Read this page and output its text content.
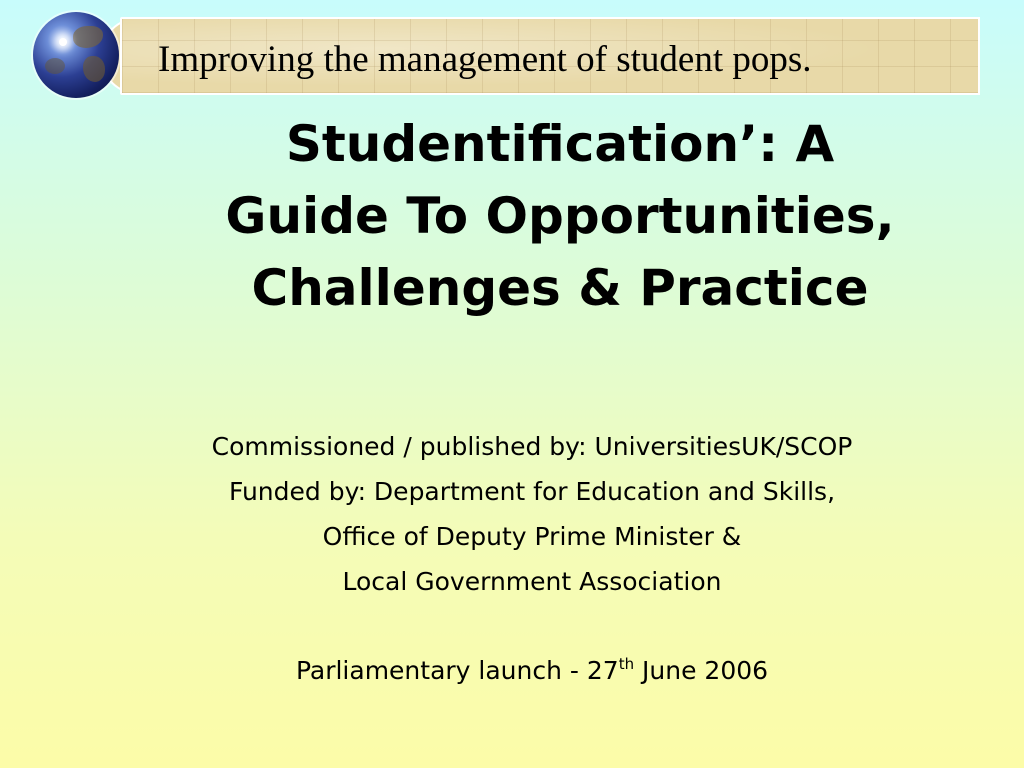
Improving the management of student pops.
Studentification’: A
Guide To Opportunities,
Challenges & Practice
Commissioned / published by: UniversitiesUK/SCOP
Funded by: Department for Education and Skills,
Office of Deputy Prime Minister &
Local Government Association
Parliamentary launch - 27th June 2006
